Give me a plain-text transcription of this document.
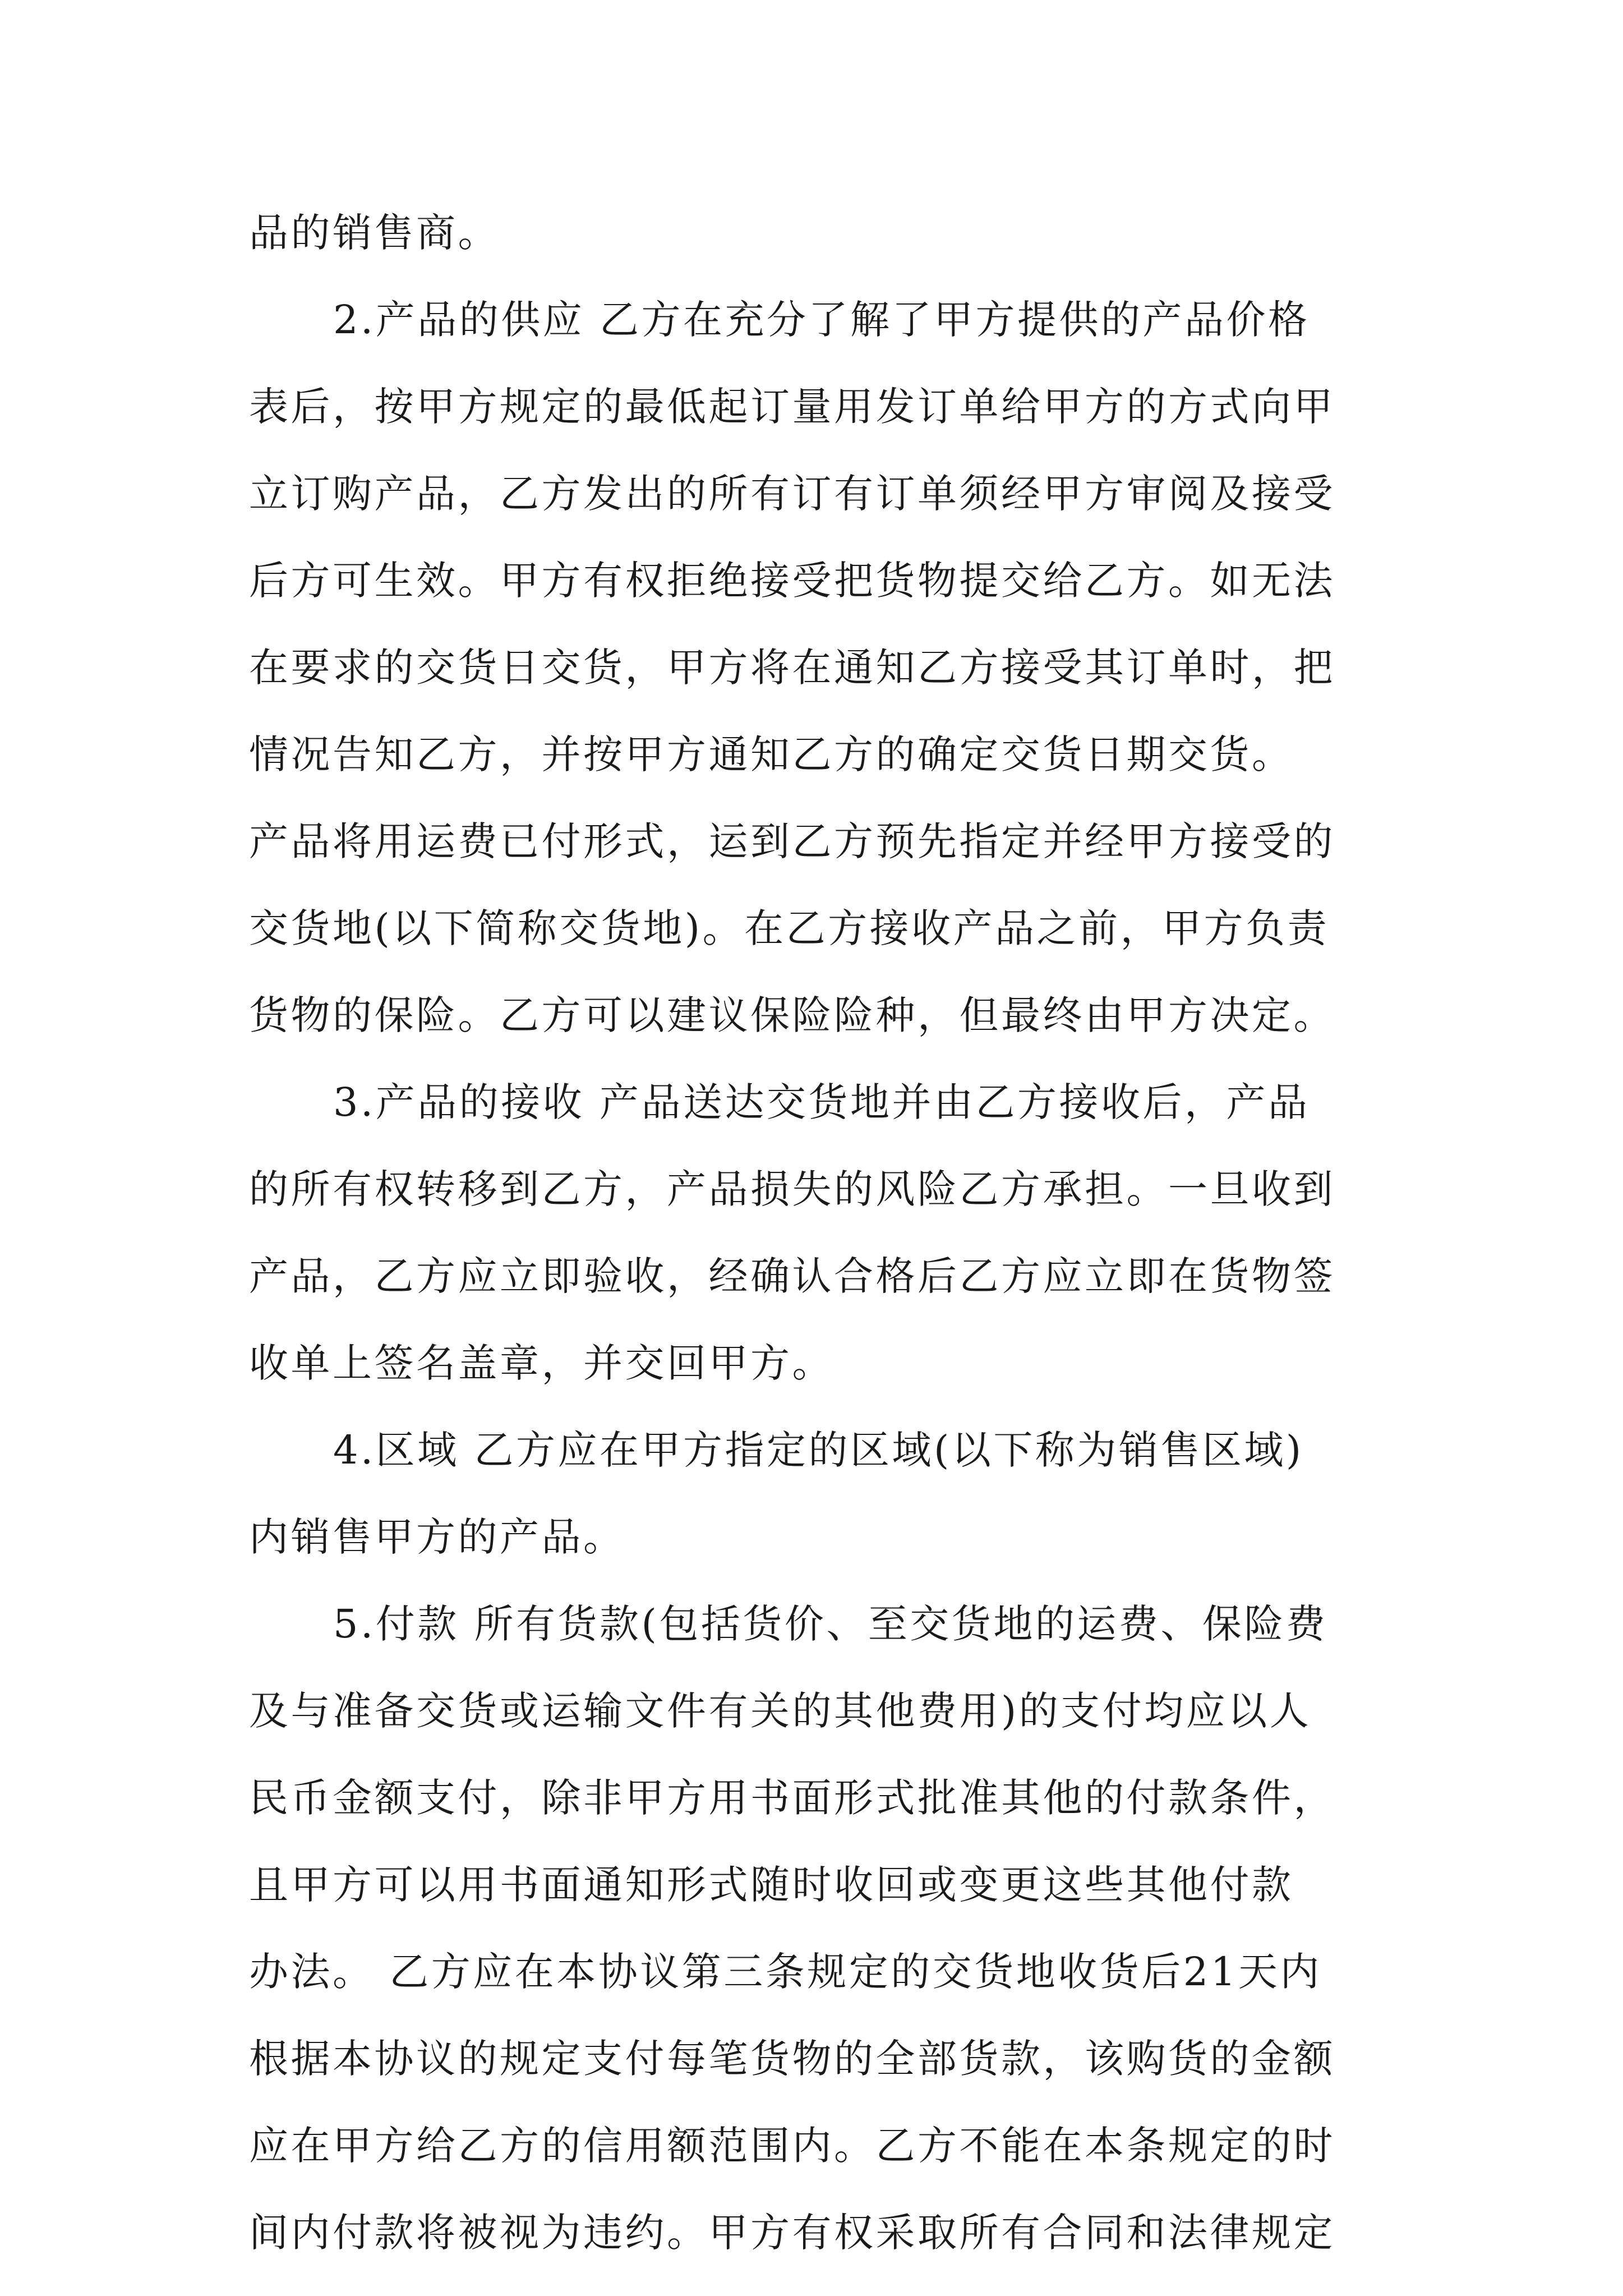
品的销售商。
2.产品的供应 乙方在充分了解了甲方提供的产品价格
表后，按甲方规定的最低起订量用发订单给甲方的方式向甲
立订购产品，乙方发出的所有订有订单须经甲方审阅及接受
后方可生效。甲方有权拒绝接受把货物提交给乙方。如无法
在要求的交货日交货，甲方将在通知乙方接受其订单时，把
情况告知乙方，并按甲方通知乙方的确定交货日期交货。
产品将用运费已付形式，运到乙方预先指定并经甲方接受的
交货地(以下简称交货地)。在乙方接收产品之前，甲方负责
货物的保险。乙方可以建议保险险种，但最终由甲方决定。
3.产品的接收 产品送达交货地并由乙方接收后，产品
的所有权转移到乙方，产品损失的风险乙方承担。一旦收到
产品，乙方应立即验收，经确认合格后乙方应立即在货物签
收单上签名盖章，并交回甲方。
4.区域 乙方应在甲方指定的区域(以下称为销售区域)
内销售甲方的产品。
5.付款 所有货款(包括货价、至交货地的运费、保险费
及与准备交货或运输文件有关的其他费用)的支付均应以人
民币金额支付，除非甲方用书面形式批准其他的付款条件，
且甲方可以用书面通知形式随时收回或变更这些其他付款
办法。 乙方应在本协议第三条规定的交货地收货后21天内
根据本协议的规定支付每笔货物的全部货款，该购货的金额
应在甲方给乙方的信用额范围内。乙方不能在本条规定的时
间内付款将被视为违约。甲方有权采取所有合同和法律规定
